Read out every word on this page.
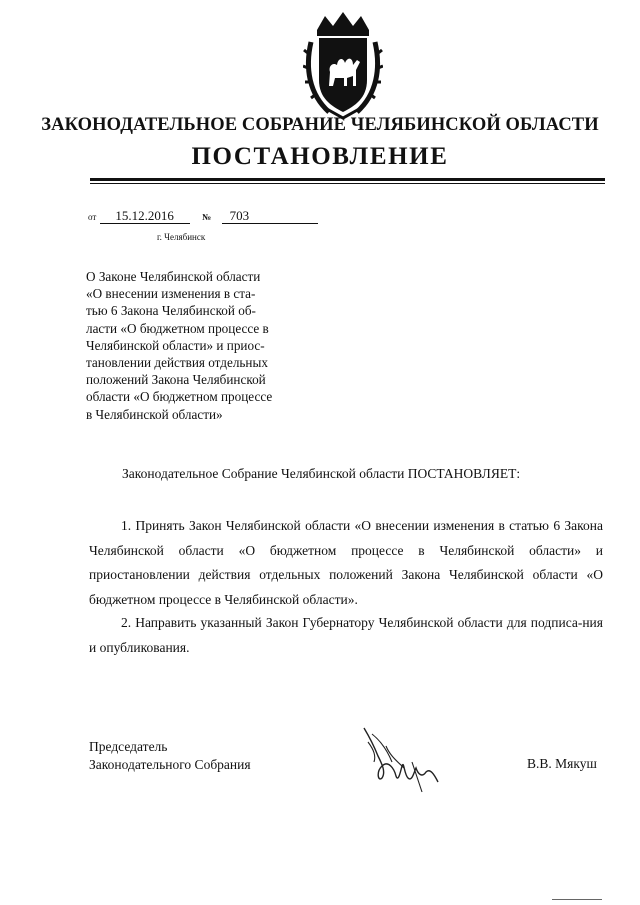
ЗАКОНОДАТЕЛЬНОЕ СОБРАНИЕ ЧЕЛЯБИНСКОЙ ОБЛАСТИ
ПОСТАНОВЛЕНИЕ
от 15.12.2016	№ 703
г. Челябинск
О Законе Челябинской области
«О внесении изменения в ста-
тью 6 Закона Челябинской об-
ласти «О бюджетном процессе в
Челябинской области» и приос-
тановлении действия отдельных
положений Закона Челябинской
области «О бюджетном процессе
в Челябинской области»
Законодательное Собрание Челябинской области ПОСТАНОВЛЯЕТ:
1. Принять Закон Челябинской области «О внесении изменения в статью 6 Закона Челябинской области «О бюджетном процессе в Челябинской области» и приостановлении действия отдельных положений Закона Челябинской области «О бюджетном процессе в Челябинской области».
2. Направить указанный Закон Губернатору Челябинской области для подписа-ния и опубликования.
Председатель
Законодательного Собрания	В.В. Мякуш
